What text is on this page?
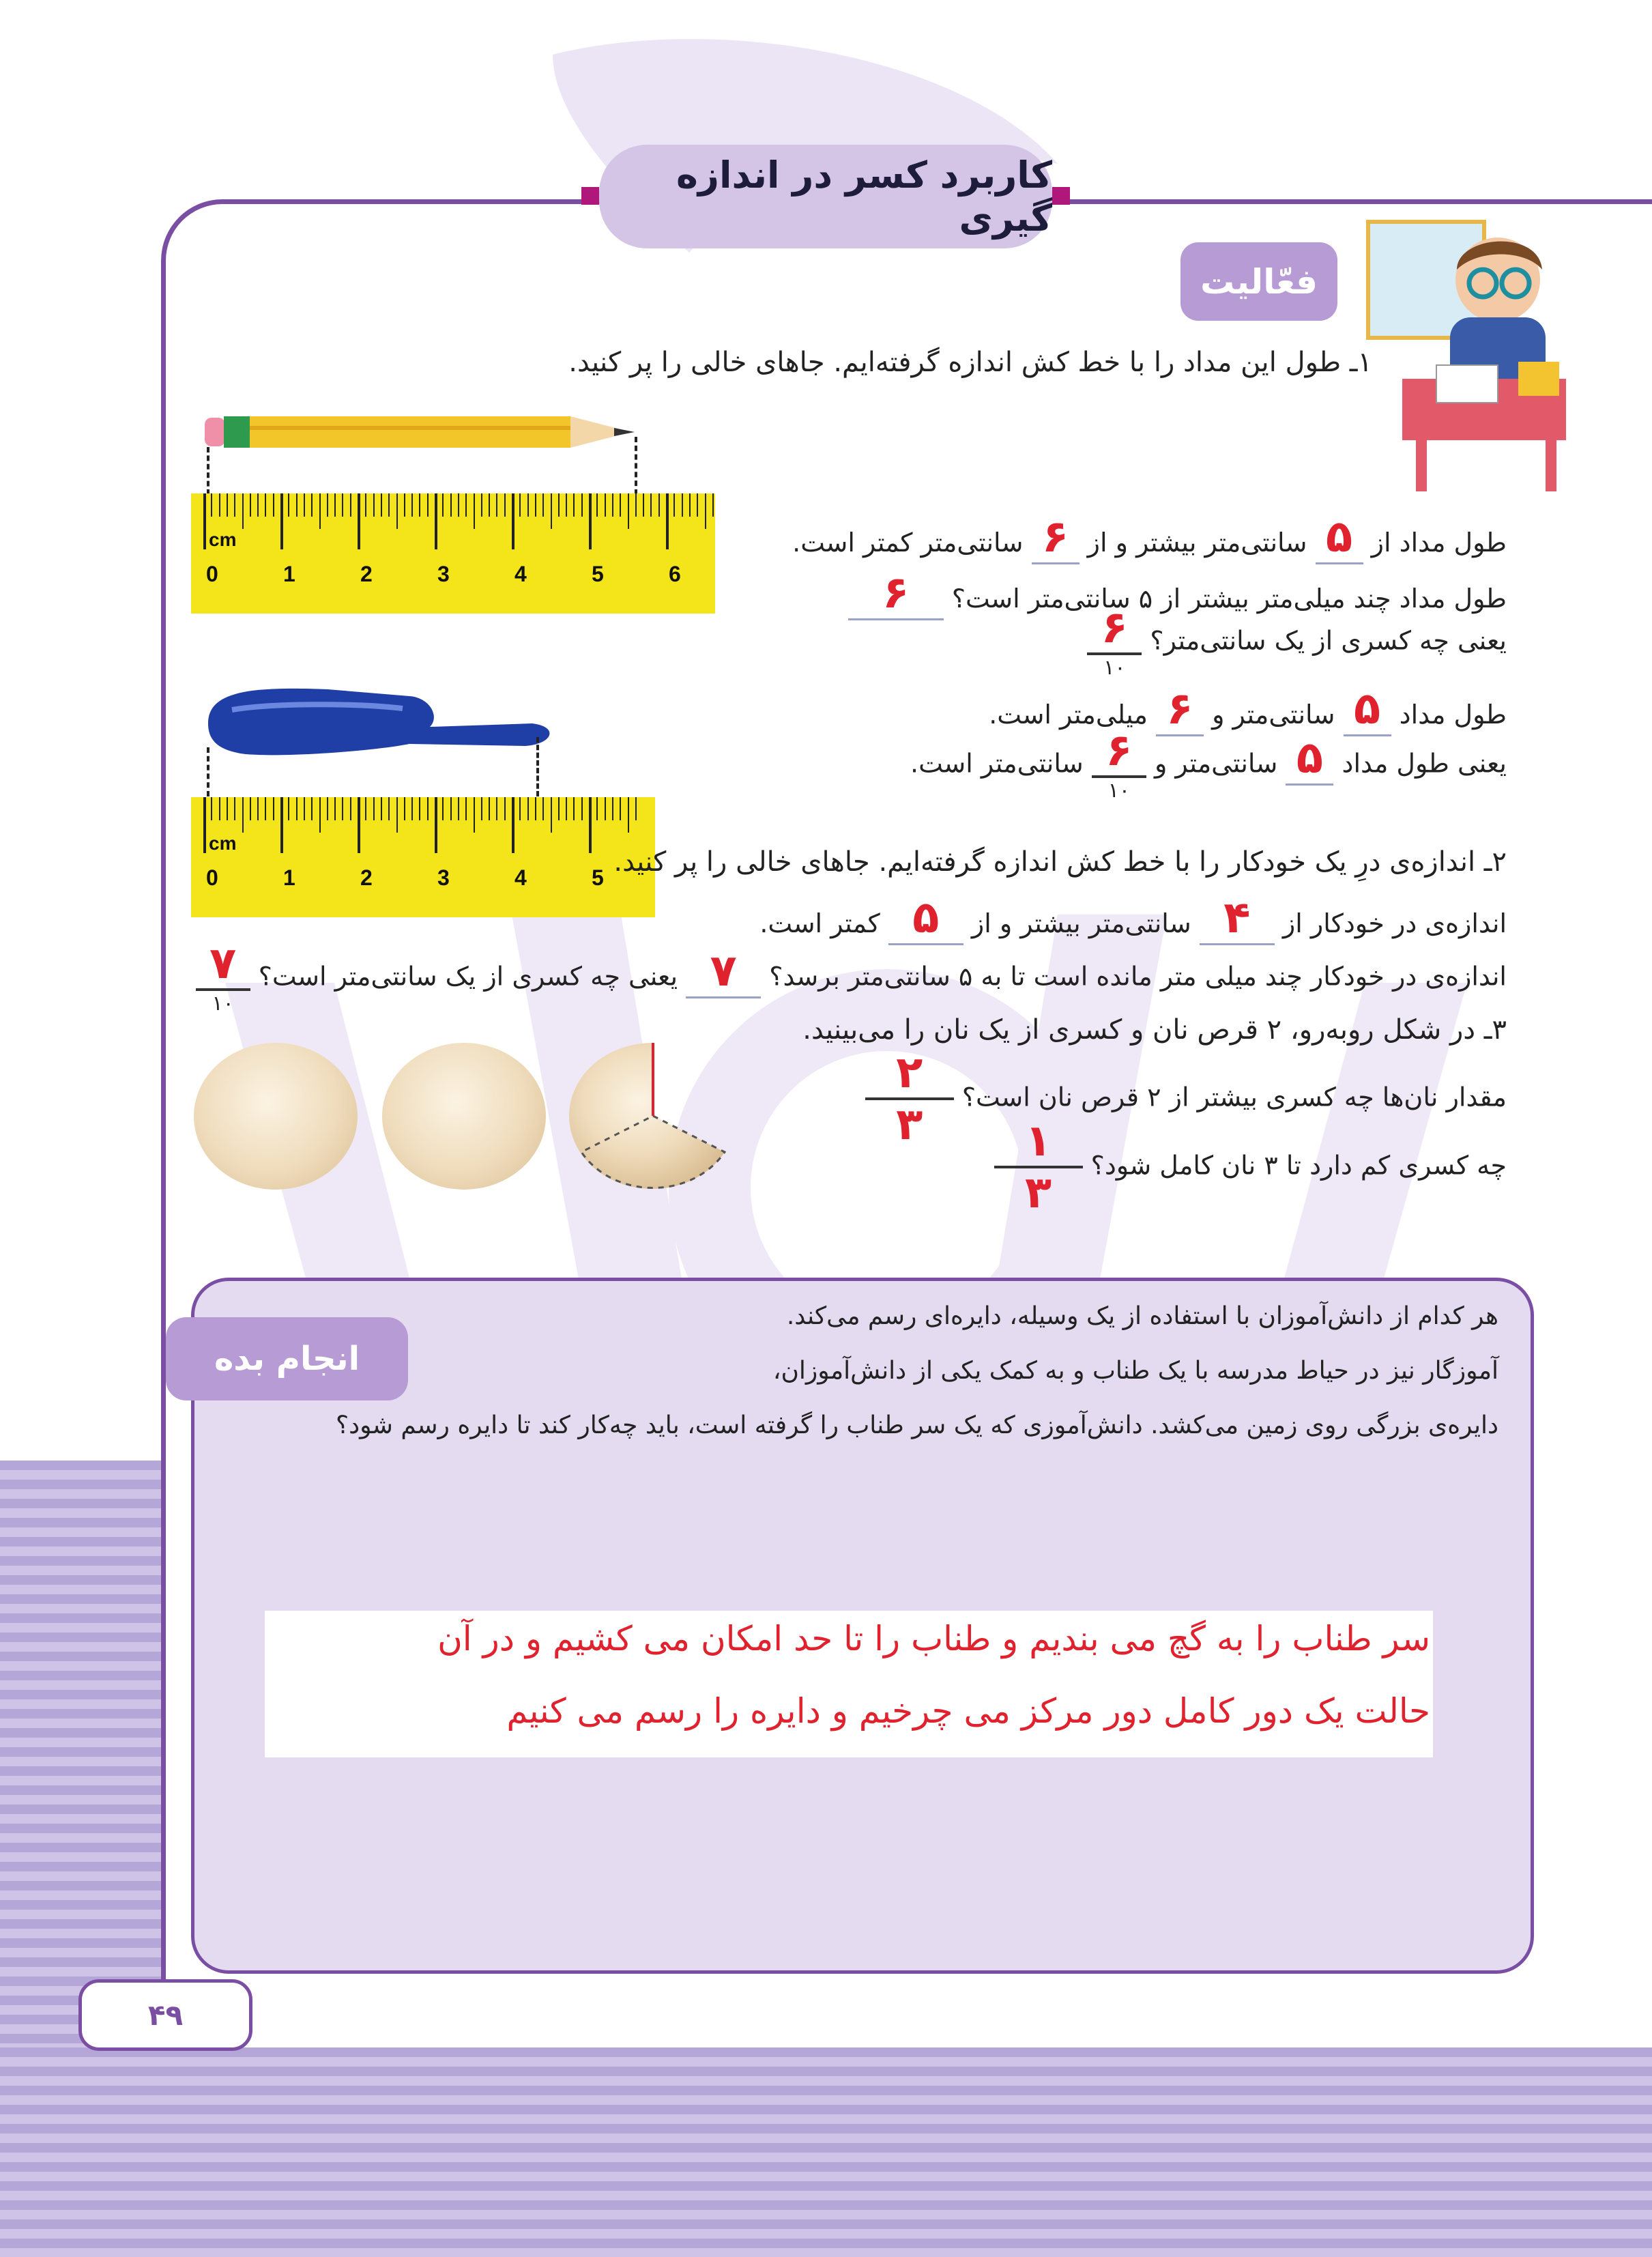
کاربرد کسر در اندازه گیری
فعّالیت
۱ـ طول این مداد را با خط کش اندازه گرفته‌ایم. جاهای خالی را پر کنید.
0	1	2	3	4	5	6
cm	طول مداد از ۵ سانتی‌متر بیشتر و از ۶ سانتی‌متر کمتر است.
طول مداد چند میلی‌متر بیشتر از ۵ سانتی‌متر است؟ ۶
یعنی چه کسری از یک سانتی‌متر؟
$\frac{۶}{۱۰}$
طول مداد ۵ سانتی‌متر و ۶ میلی‌متر است.
یعنی طول مداد ۵ سانتی‌متر و
$\frac{۶}{۱۰}$
سانتی‌متر است.
0	1	2	3	4	5
cm
۲ـ اندازه‌ی درِ یک خودکار را با خط کش اندازه گرفته‌ایم. جاهای خالی را پر کنید.
اندازه‌ی در خودکار از ۴ سانتی‌متر بیشتر و از ۵ کمتر است.
اندازه‌ی در خودکار چند میلی متر مانده است تا به ۵ سانتی‌متر برسد؟ ۷ یعنی چه کسری از یک سانتی‌متر است؟
$\frac{۷}{۱۰}$
۳ـ در شکل روبه‌رو، ۲ قرص نان و کسری از یک نان را می‌بینید.
مقدار نان‌ها چه کسری بیشتر از ۲ قرص نان است؟
$\frac{۲}{۳}$
چه کسری کم دارد تا ۳ نان کامل شود؟
$\frac{۱}{۳}$
انجام بده
هر کدام از دانش‌آموزان با استفاده از یک وسیله، دایره‌ای رسم می‌کند.
آموزگار نیز در حیاط مدرسه با یک طناب و به کمک یکی از دانش‌آموزان،
دایره‌ی بزرگی روی زمین می‌کشد. دانش‌آموزی که یک سر طناب را گرفته است، باید چه‌کار کند تا دایره رسم شود؟
سر طناب را به گچ می بندیم و طناب را تا حد امکان می کشیم و در آن
حالت یک دور کامل دور مرکز می چرخیم و دایره را رسم می کنیم
۴۹
